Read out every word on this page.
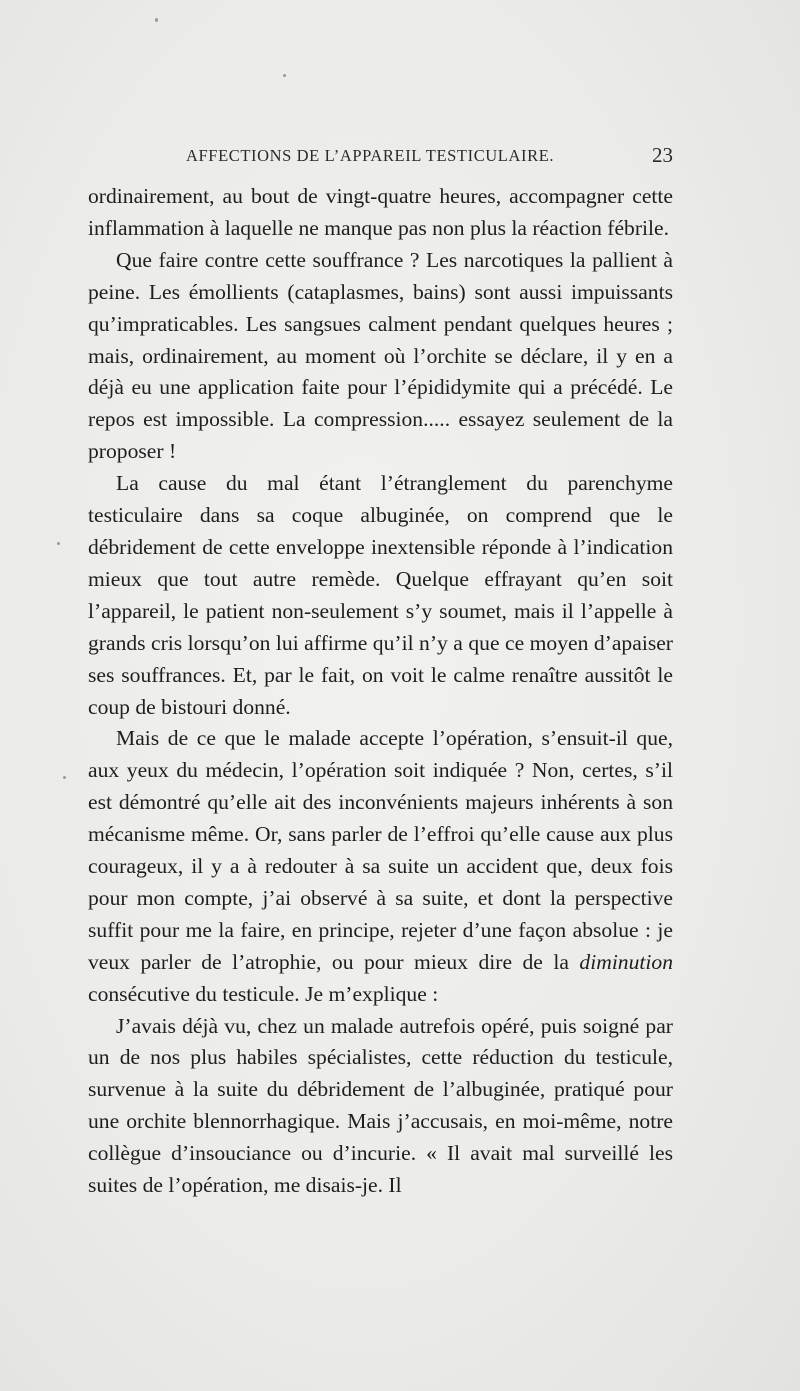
AFFECTIONS DE L’APPAREIL TESTICULAIRE.	23

ordinairement, au bout de vingt-quatre heures, accompagner cette inflammation à laquelle ne manque pas non plus la réaction fébrile.

Que faire contre cette souffrance ? Les narcotiques la pallient à peine. Les émollients (cataplasmes, bains) sont aussi impuissants qu’impraticables. Les sangsues calment pendant quelques heures ; mais, ordinairement, au moment où l’orchite se déclare, il y en a déjà eu une application faite pour l’épididymite qui a précédé. Le repos est impossible. La compression..... essayez seulement de la proposer !

La cause du mal étant l’étranglement du parenchyme testiculaire dans sa coque albuginée, on comprend que le débridement de cette enveloppe inextensible réponde à l’indication mieux que tout autre remède. Quelque effrayant qu’en soit l’appareil, le patient non-seulement s’y soumet, mais il l’appelle à grands cris lorsqu’on lui affirme qu’il n’y a que ce moyen d’apaiser ses souffrances. Et, par le fait, on voit le calme renaître aussitôt le coup de bistouri donné.

Mais de ce que le malade accepte l’opération, s’ensuit-il que, aux yeux du médecin, l’opération soit indiquée ? Non, certes, s’il est démontré qu’elle ait des inconvénients majeurs inhérents à son mécanisme même. Or, sans parler de l’effroi qu’elle cause aux plus courageux, il y a à redouter à sa suite un accident que, deux fois pour mon compte, j’ai observé à sa suite, et dont la perspective suffit pour me la faire, en principe, rejeter d’une façon absolue : je veux parler de l’atrophie, ou pour mieux dire de la diminution consécutive du testicule. Je m’explique :

J’avais déjà vu, chez un malade autrefois opéré, puis soigné par un de nos plus habiles spécialistes, cette réduction du testicule, survenue à la suite du débridement de l’albuginée, pratiqué pour une orchite blennorrhagique. Mais j’accusais, en moi-même, notre collègue d’insouciance ou d’incurie. « Il avait mal surveillé les suites de l’opération, me disais-je. Il
